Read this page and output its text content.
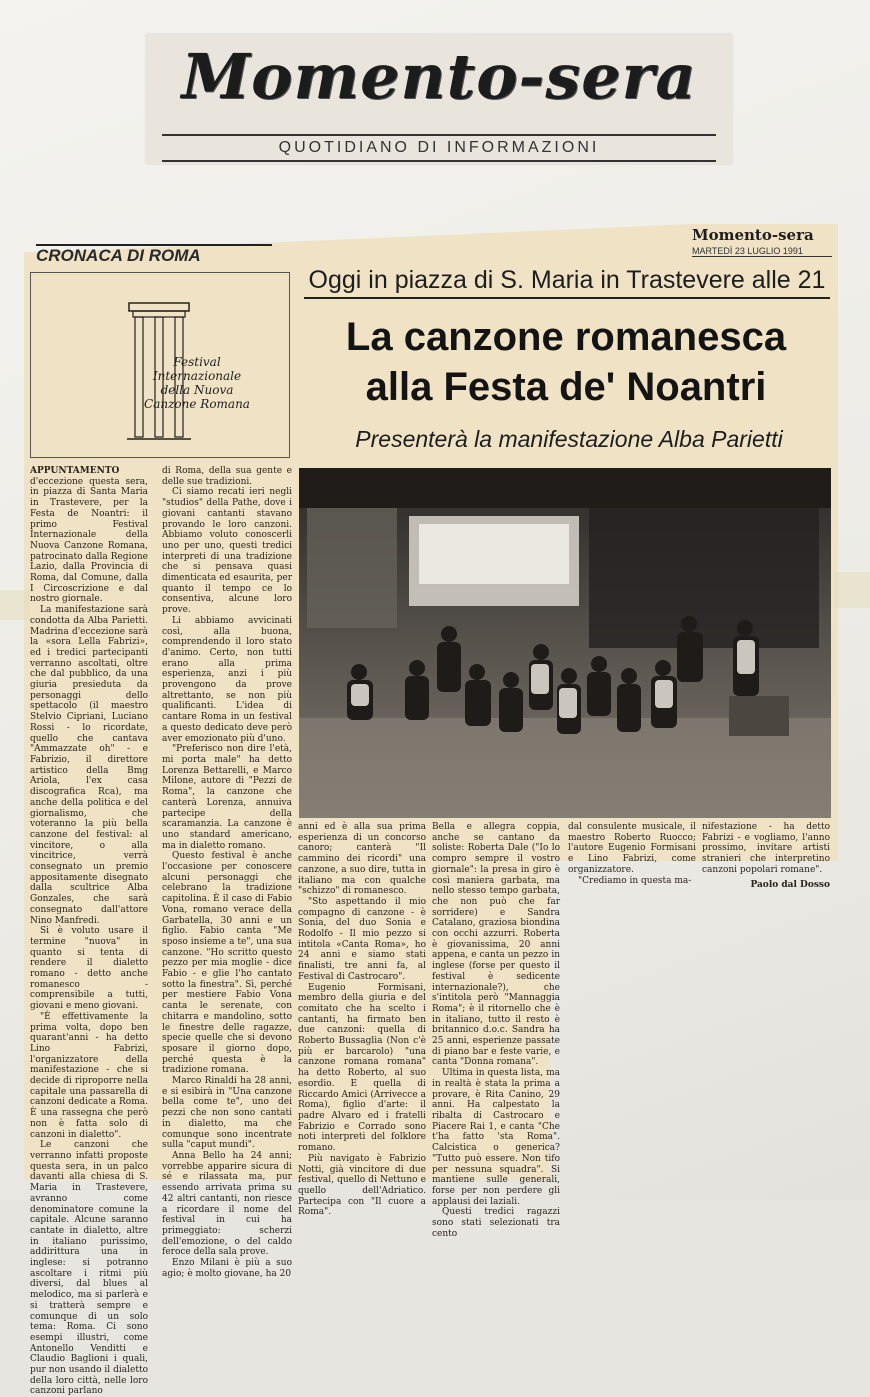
Momento-sera
QUOTIDIANO DI INFORMAZIONI
CRONACA DI ROMA
Momento-sera
MARTEDÌ 23 LUGLIO 1991
Oggi in piazza di S. Maria in Trastevere alle 21
La canzone romanesca
alla Festa de' Noantri
Presenterà la manifestazione Alba Parietti
Festival
Internazionale
della Nuova
Canzone Romana

APPUNTAMENTO d'eccezione questa sera, in piazza di Santa Maria in Trastevere, per la Festa de Noantri: il primo Festival Internazionale della Nuova Canzone Romana, patrocinato dalla Regione Lazio, dalla Provincia di Roma, dal Comune, dalla I Circoscrizione e dal nostro giornale.

La manifestazione sarà condotta da Alba Parietti. Madrina d'eccezione sarà la «sora Lella Fabrizi», ed i tredici partecipanti verranno ascoltati, oltre che dal pubblico, da una giuria presieduta da personaggi dello spettacolo (il maestro Stelvio Cipriani, Luciano Rossi - lo ricordate, quello che cantava "Ammazzate oh" - e Fabrizio, il direttore artistico della Bmg Ariola, l'ex casa discografica Rca), ma anche della politica e del giornalismo, che voteranno la più bella canzone del festival: al vincitore, o alla vincitrice, verrà consegnato un premio appositamente disegnato dalla scultrice Alba Gonzales, che sarà consegnato dall'attore Nino Manfredi.

Si è voluto usare il termine "nuova" in quanto si tenta di rendere il dialetto romano - detto anche romanesco - comprensibile a tutti, giovani e meno giovani.

"È effettivamente la prima volta, dopo ben quarant'anni - ha detto Lino Fabrizi, l'organizzatore della manifestazione - che si decide di riproporre nella capitale una passarella di canzoni dedicate a Roma. È una rassegna che però non è fatta solo di canzoni in dialetto".

Le canzoni che verranno infatti proposte questa sera, in un palco davanti alla chiesa di S. Maria in Trastevere, avranno come denominatore comune la capitale. Alcune saranno cantate in dialetto, altre in italiano purissimo, addirittura una in inglese: si potranno ascoltare i ritmi più diversi, dal blues al melodico, ma si parlerà e si tratterà sempre e comunque di un solo tema: Roma. Ci sono esempi illustri, come Antonello Venditti e Claudio Baglioni i quali, pur non usando il dialetto della loro città, nelle loro canzoni parlano

di Roma, della sua gente e delle sue tradizioni.

Ci siamo recati ieri negli "studios" della Pathe, dove i giovani cantanti stavano provando le loro canzoni. Abbiamo voluto conoscerli uno per uno, questi tredici interpreti di una tradizione che si pensava quasi dimenticata ed esaurita, per quanto il tempo ce lo consentiva, alcune loro prove.

Li abbiamo avvicinati così, alla buona, comprendendo il loro stato d'animo. Certo, non tutti erano alla prima esperienza, anzi i più provengono da prove altrettanto, se non più qualificanti. L'idea di cantare Roma in un festival a questo dedicato deve però aver emozionato più d'uno.

"Preferisco non dire l'età, mi porta male" ha detto Lorenza Bettarelli, e Marco Milone, autore di "Pezzi de Roma", la canzone che canterà Lorenza, annuiva partecipe della scaramanzia. La canzone è uno standard americano, ma in dialetto romano.

Questo festival è anche l'occasione per conoscere alcuni personaggi che celebrano la tradizione capitolina. È il caso di Fabio Vona, romano verace della Garbatella, 30 anni e un figlio. Fabio canta "Me sposo insieme a te", una sua canzone. "Ho scritto questo pezzo per mia moglie - dice Fabio - e glie l'ho cantato sotto la finestra". Sì, perché per mestiere Fabio Vona canta le serenate, con chitarra e mandolino, sotto le finestre delle ragazze, specie quelle che si devono sposare il giorno dopo, perché questa è la tradizione romana.

Marco Rinaldi ha 28 anni, e si esibirà in "Una canzone bella come te", uno dei pezzi che non sono cantati in dialetto, ma che comunque sono incentrate sulla "caput mundi".

Anna Bello ha 24 anni; vorrebbe apparire sicura di sé e rilassata ma, pur essendo arrivata prima su 42 altri cantanti, non riesce a ricordare il nome del festival in cui ha primeggiato: scherzi dell'emozione, o del caldo feroce della sala prove.

Enzo Milani è più a suo agio; è molto giovane, ha 20

anni ed è alla sua prima esperienza di un concorso canoro; canterà "Il cammino dei ricordi" una canzone, a suo dire, tutta in italiano ma con qualche "schizzo" di romanesco.

"Sto aspettando il mio compagno di canzone - è Sonia, del duo Sonia e Rodolfo - Il mio pezzo si intitola «Canta Roma», ho 24 anni e siamo stati finalisti, tre anni fa, al Festival di Castrocaro".

Eugenio Formisani, membro della giuria e del comitato che ha scelto i cantanti, ha firmato ben due canzoni: quella di Roberto Bussaglia (Non c'è più er barcarolo) "una canzone romana romana" ha detto Roberto, al suo esordio. E quella di Riccardo Amici (Arrivecce a Roma), figlio d'arte: il padre Alvaro ed i fratelli Fabrizio e Corrado sono noti interpreti del folklore romano.

Più navigato è Fabrizio Notti, già vincitore di due festival, quello di Nettuno e quello dell'Adriatico. Partecipa con "Il cuore a Roma".

Bella e allegra coppia, anche se cantano da soliste: Roberta Dale ("Io lo compro sempre il vostro giornale": la presa in giro è così maniera garbata, ma nello stesso tempo garbata, che non può che far sorridere) e Sandra Catalano, graziosa biondina con occhi azzurri. Roberta è giovanissima, 20 anni appena, e canta un pezzo in inglese (forse per questo il festival è sedicente internazionale?), che s'intitola però "Mannaggia Roma"; è il ritornello che è in italiano, tutto il resto è britannico d.o.c. Sandra ha 25 anni, esperienze passate di piano bar e feste varie, e canta "Donna romana".

Ultima in questa lista, ma in realtà è stata la prima a provare, è Rita Canino, 29 anni. Ha calpestato la ribalta di Castrocaro e Piacere Rai 1, e canta "Che t'ha fatto 'sta Roma". Calcistica o generica? "Tutto può essere. Non tifo per nessuna squadra". Si mantiene sulle generali, forse per non perdere gli applausi dei laziali.

Questi tredici ragazzi sono stati selezionati tra cento

dal consulente musicale, il maestro Roberto Ruocco; l'autore Eugenio Formisani e Lino Fabrizi, come organizzatore.

"Crediamo in questa ma-

nifestazione - ha detto Fabrizi - e vogliamo, l'anno prossimo, invitare artisti stranieri che interpretino canzoni popolari romane".

Paolo dal Dosso
